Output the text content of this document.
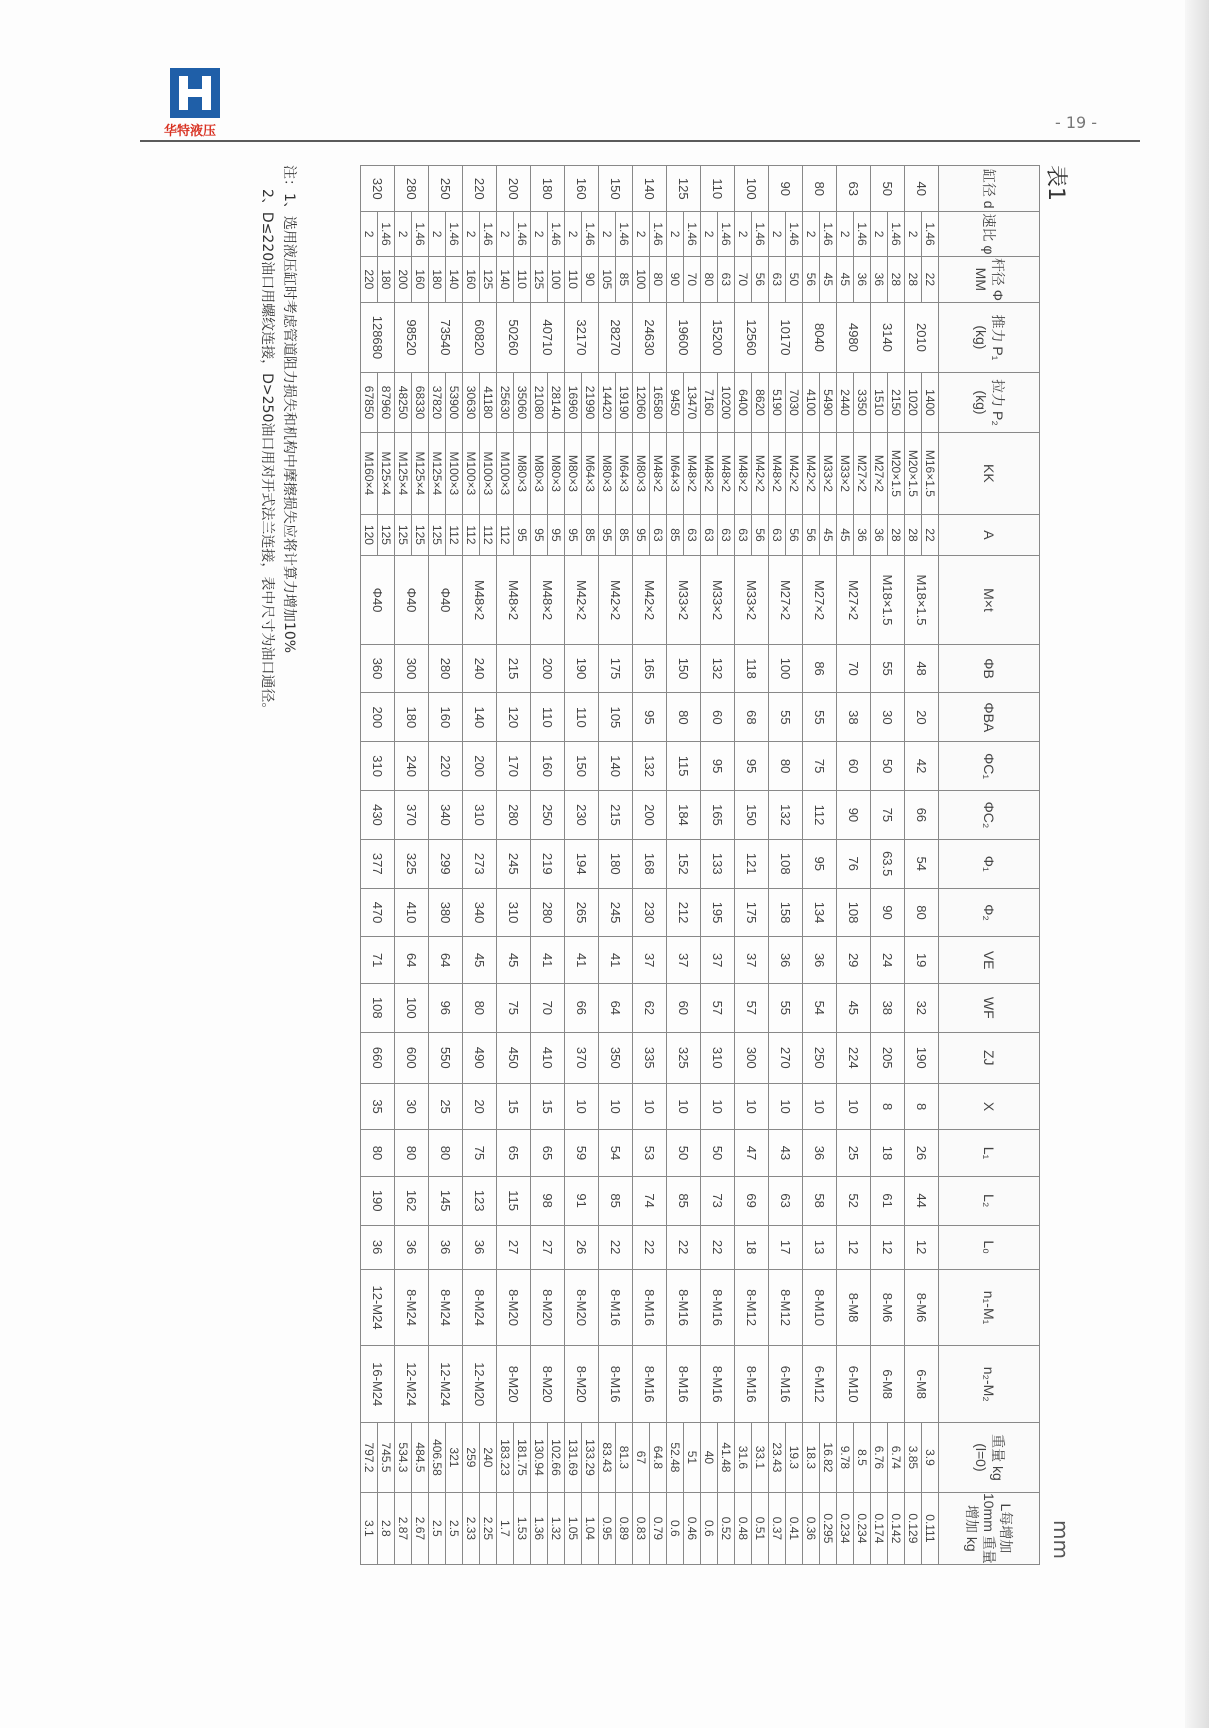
华特液压	- 19 -
表1
mm
缸径 d	速比 φ	杆径 Φ MM	推力 P₁ (kg)	拉力 P₂ (kg)	KK	A	M×t	ΦB	ΦBA	ΦC₁	ΦC₂	Φ₁	Φ₂	VE	WF	ZJ	X	L₁	L₂	L₀	n₁-M₁	n₂-M₂	重量 kg (l=0)	L每增加10mm 重量增加 kg
40	1.46	22	2010	1400	M16×1.5	22	M18×1.5	48	20	42	66	54	80	19	32	190	8	26	44	12	8-M6	6-M8	3.9	0.111
	2	28		1020	M20×1.5	28																	3.85	0.129
50	1.46	28	3140	2150	M20×1.5	28	M18×1.5	55	30	50	75	63.5	90	24	38	205	8	18	61	12	8-M6	6-M8	6.74	0.142
	2	36		1510	M27×2	36																	6.76	0.174
63	1.46	36	4980	3350	M27×2	36	M27×2	70	38	60	90	76	108	29	45	224	10	25	52	12	8-M8	6-M10	8.5	0.234
	2	45		2440	M33×2	45																	9.78	0.234
80	1.46	45	8040	5490	M33×2	45	M27×2	86	55	75	112	95	134	36	54	250	10	36	58	13	8-M10	6-M12	16.82	0.295
	2	56		4100	M42×2	56																	18.3	0.36
90	1.46	50	10170	7030	M42×2	56	M27×2	100	55	80	132	108	158	36	55	270	10	43	63	17	8-M12	6-M16	19.3	0.41
	2	63		5190	M48×2	63																	23.43	0.37
100	1.46	56	12560	8620	M42×2	56	M33×2	118	68	95	150	121	175	37	57	300	10	47	69	18	8-M12	8-M16	33.1	0.51
	2	70		6400	M48×2	63																	31.6	0.48
110	1.46	63	15200	10200	M48×2	63	M33×2	132	60	95	165	133	195	37	57	310	10	50	73	22	8-M16	8-M16	41.48	0.52
	2	80		7160	M48×2	63																	40	0.6
125	1.46	70	19600	13470	M48×2	63	M33×2	150	80	115	184	152	212	37	60	325	10	50	85	22	8-M16	8-M16	51	0.46
	2	90		9450	M64×3	85																	52.48	0.6
140	1.46	80	24630	16580	M48×2	63	M42×2	165	95	132	200	168	230	37	62	335	10	53	74	22	8-M16	8-M16	64.8	0.79
	2	100		12060	M80×3	95																	67	0.83
150	1.46	85	28270	19190	M64×3	85	M42×2	175	105	140	215	180	245	41	64	350	10	54	85	22	8-M16	8-M16	81.3	0.89
	2	105		14420	M80×3	95																	83.43	0.95
160	1.46	90	32170	21990	M64×3	85	M42×2	190	110	150	230	194	265	41	66	370	10	59	91	26	8-M20	8-M20	133.29	1.04
	2	110		16960	M80×3	95																	131.69	1.05
180	1.46	100	40710	28140	M80×3	95	M48×2	200	110	160	250	219	280	41	70	410	15	65	98	27	8-M20	8-M20	102.66	1.32
	2	125		21080	M80×3	95																	130.94	1.36
200	1.46	110	50260	35060	M80×3	95	M48×2	215	120	170	280	245	310	45	75	450	15	65	115	27	8-M20	8-M20	181.75	1.53
	2	140		25630	M100×3	112																	183.23	1.7
220	1.46	125	60820	41180	M100×3	112	M48×2	240	140	200	310	273	340	45	80	490	20	75	123	36	8-M24	12-M20	240	2.25
	2	160		30630	M100×3	112																	259	2.33
250	1.46	140	73540	53900	M100×3	112	Φ40	280	160	220	340	299	380	64	96	550	25	80	145	36	8-M24	12-M24	321	2.5
	2	180		37820	M125×4	125																	406.58	2.5
280	1.46	160	98520	68330	M125×4	125	Φ40	300	180	240	370	325	410	64	100	600	30	80	162	36	8-M24	12-M24	484.5	2.67
	2	200		48250	M125×4	125																	534.3	2.87
320	1.46	180	128680	87960	M125×4	125	Φ40	360	200	310	430	377	470	71	108	660	35	80	190	36	12-M24	16-M24	745.5	2.8
	2	220		67850	M160×4	120																	797.2	3.1
注：1、选用液压缸时考虑管道阻力损失和机构中摩擦损失应将计算力增加10%
2、D≤220油口用螺纹连接，D>250油口用对开式法兰连接，表中尺寸为油口通径。
